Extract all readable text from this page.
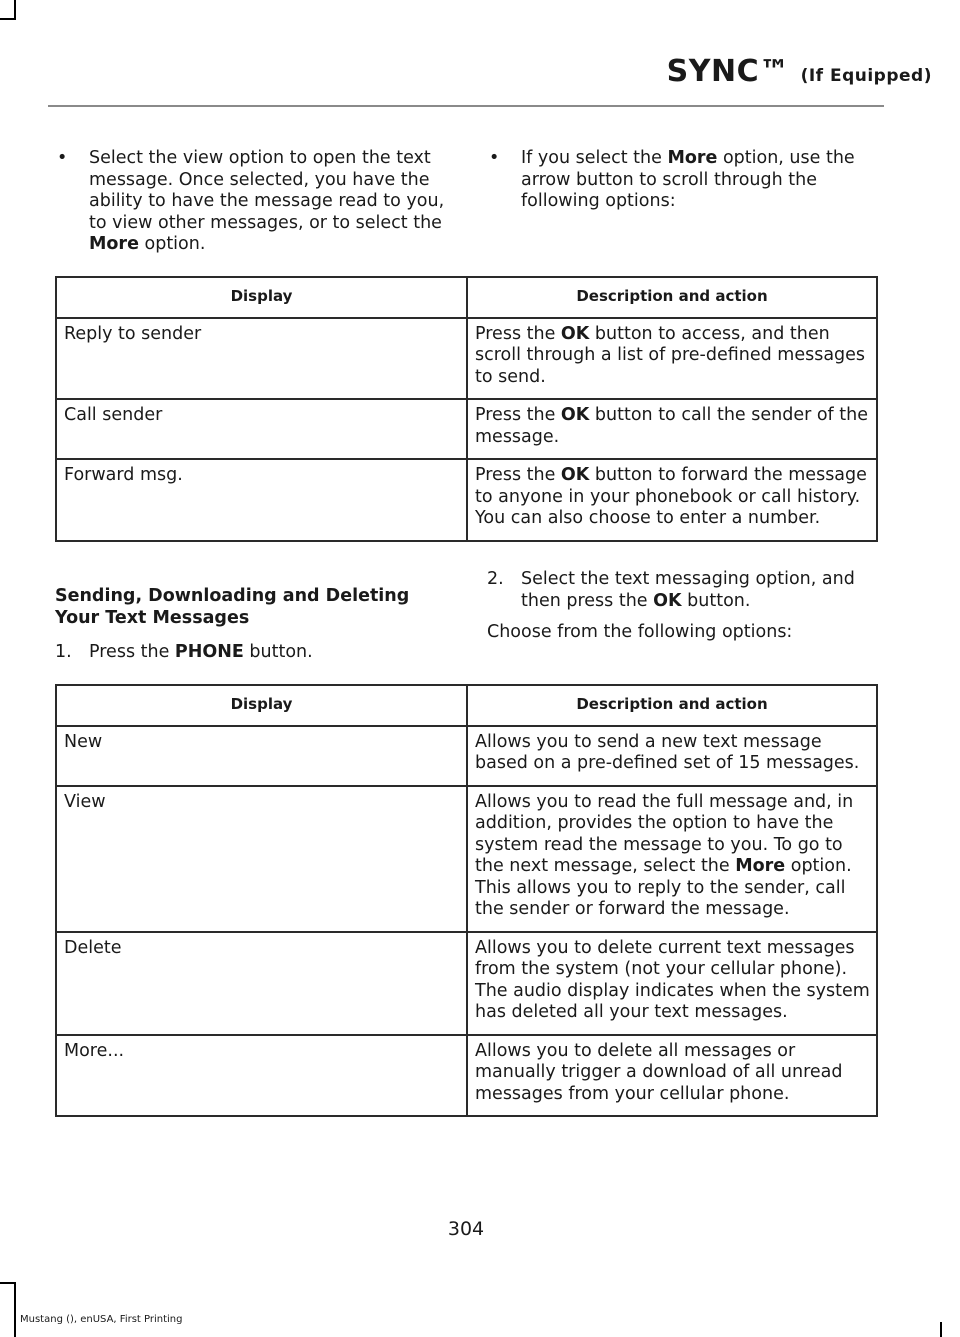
SYNC™ (If Equipped)
• Select the view option to open the text message. Once selected, you have the ability to have the message read to you, to view other messages, or to select the More option.
• If you select the More option, use the arrow button to scroll through the following options:
Display	Description and action
Reply to sender	Press the OK button to access, and then scroll through a list of pre-defined messages to send.
Call sender	Press the OK button to call the sender of the message.
Forward msg.	Press the OK button to forward the message to anyone in your phonebook or call history. You can also choose to enter a number.
Sending, Downloading and Deleting Your Text Messages
1. Press the PHONE button.
2. Select the text messaging option, and then press the OK button.
Choose from the following options:
Display	Description and action
New	Allows you to send a new text message based on a pre-defined set of 15 messages.
View	Allows you to read the full message and, in addition, provides the option to have the system read the message to you. To go to the next message, select the More option. This allows you to reply to the sender, call the sender or forward the message.
Delete	Allows you to delete current text messages from the system (not your cellular phone). The audio display indicates when the system has deleted all your text messages.
More...	Allows you to delete all messages or manually trigger a download of all unread messages from your cellular phone.
304
Mustang (), enUSA, First Printing
